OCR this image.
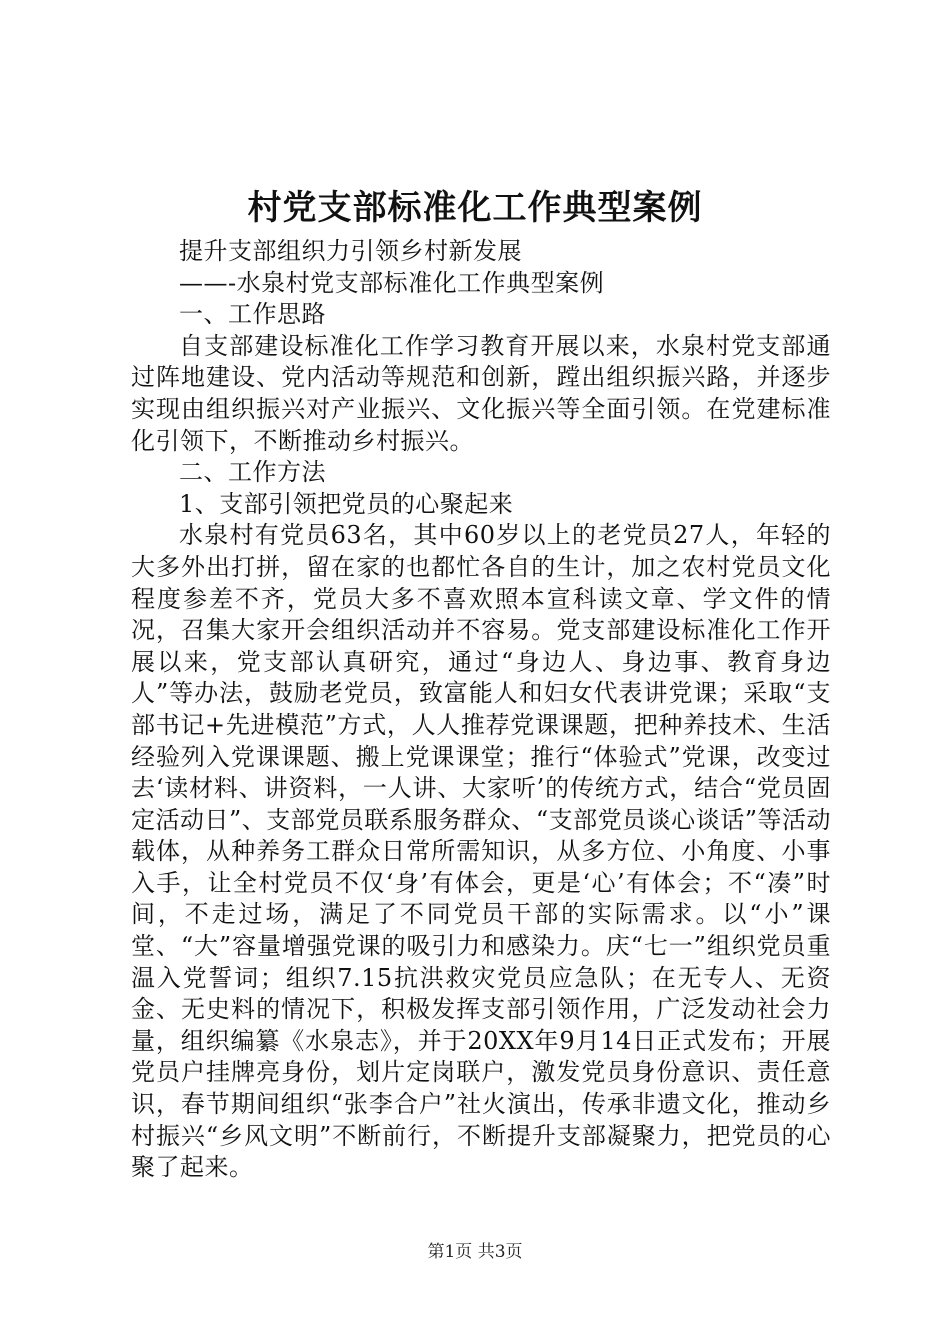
村党支部标准化工作典型案例

提升支部组织力引领乡村新发展

——-水泉村党支部标准化工作典型案例

一、工作思路

自支部建设标准化工作学习教育开展以来，水泉村党支部通过阵地建设、党内活动等规范和创新，蹚出组织振兴路，并逐步实现由组织振兴对产业振兴、文化振兴等全面引领。在党建标准化引领下，不断推动乡村振兴。

二、工作方法

1、支部引领把党员的心聚起来

水泉村有党员63名，其中60岁以上的老党员27人，年轻的大多外出打拼，留在家的也都忙各自的生计，加之农村党员文化程度参差不齐，党员大多不喜欢照本宣科读文章、学文件的情况，召集大家开会组织活动并不容易。党支部建设标准化工作开展以来，党支部认真研究，通过“身边人、身边事、教育身边人”等办法，鼓励老党员，致富能人和妇女代表讲党课；采取“支部书记+先进模范”方式，人人推荐党课课题，把种养技术、生活经验列入党课课题、搬上党课课堂；推行“体验式”党课，改变过去‘读材料、讲资料，一人讲、大家听’的传统方式，结合“党员固定活动日”、支部党员联系服务群众、“支部党员谈心谈话”等活动载体，从种养务工群众日常所需知识，从多方位、小角度、小事入手，让全村党员不仅‘身’有体会，更是‘心’有体会；不“凑”时间，不走过场，满足了不同党员干部的实际需求。以“小”课堂、“大”容量增强党课的吸引力和感染力。庆“七一”组织党员重温入党誓词；组织7.15抗洪救灾党员应急队；在无专人、无资金、无史料的情况下，积极发挥支部引领作用，广泛发动社会力量，组织编纂《水泉志》，并于20XX年9月14日正式发布；开展党员户挂牌亮身份，划片定岗联户，激发党员身份意识、责任意识，春节期间组织“张李合户”社火演出，传承非遗文化，推动乡村振兴“乡风文明”不断前行，不断提升支部凝聚力，把党员的心聚了起来。

第1页 共3页
